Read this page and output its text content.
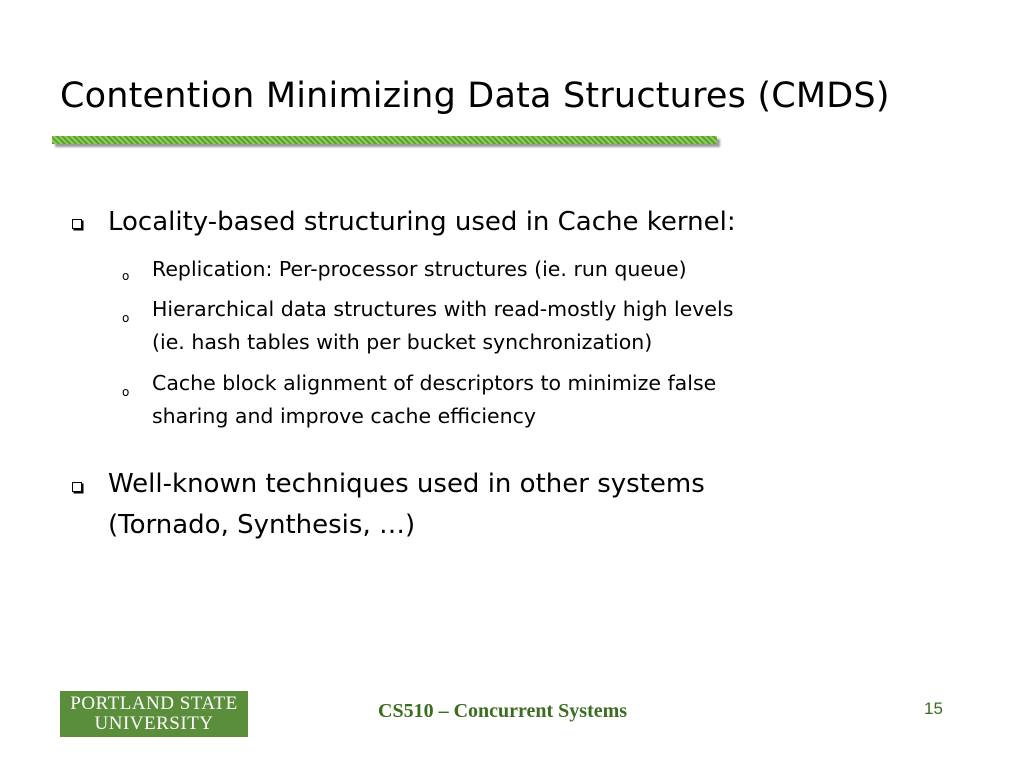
Contention Minimizing Data Structures (CMDS)
Locality-based structuring used in Cache kernel:
o Replication: Per-processor structures (ie. run queue)
o Hierarchical data structures with read-mostly high levels
(ie. hash tables with per bucket synchronization)
o Cache block alignment of descriptors to minimize false
sharing and improve cache efficiency
Well-known techniques used in other systems
(Tornado, Synthesis, …)
PORTLAND STATE
UNIVERSITY
CS510 – Concurrent Systems	15
